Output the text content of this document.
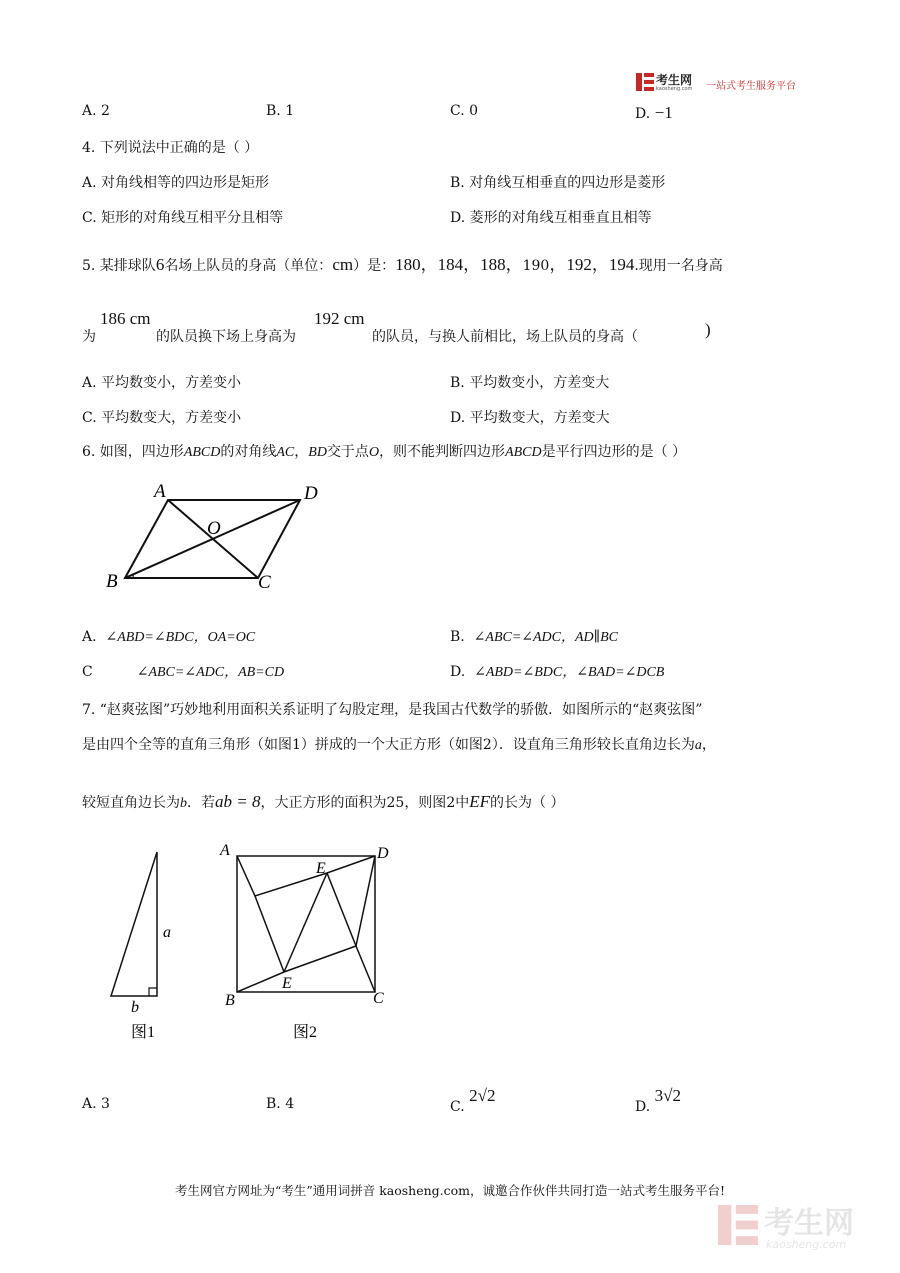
考生网
kaosheng.com 一站式考生服务平台
A. 2	B. 1	C. 0	D. −1
4. 下列说法中正确的是（ ）
A. 对角线相等的四边形是矩形	B. 对角线互相垂直的四边形是菱形
C. 矩形的对角线互相平分且相等	D. 菱形的对角线互相垂直且相等
5. 某排球队6名场上队员的身高（单位：cm）是：180，184，188，190，192，194.现用一名身高
186 cm	192 cm
为	的队员换下场上身高为	的队员，与换人前相比，场上队员的身高（	)
A. 平均数变小，方差变小	B. 平均数变小，方差变大
C. 平均数变大，方差变小	D. 平均数变大，方差变大
6. 如图，四边形ABCD的对角线AC，BD交于点O，则不能判断四边形ABCD是平行四边形的是（ ）
A	D
B	C
O
A. ∠ABD=∠BDC，OA=OC	B. ∠ABC=∠ADC，AD∥BC
C	∠ABC=∠ADC，AB=CD	D. ∠ABD=∠BDC，∠BAD=∠DCB
7. “赵爽弦图”巧妙地利用面积关系证明了勾股定理，是我国古代数学的骄傲．如图所示的“赵爽弦图”
是由四个全等的直角三角形（如图1）拼成的一个大正方形（如图2）．设直角三角形较长直角边长为a，
较短直角边长为b．若ab = 8，大正方形的面积为25，则图2中EF的长为（ ）
a
b
图1
A	D
B	C
E
E
图2
A. 3	B. 4	C. 2√2
D. 3√2
考生网官方网址为“考生”通用词拼音 kaosheng.com，诚邀合作伙伴共同打造一站式考生服务平台!
考生网
kaosheng.com
